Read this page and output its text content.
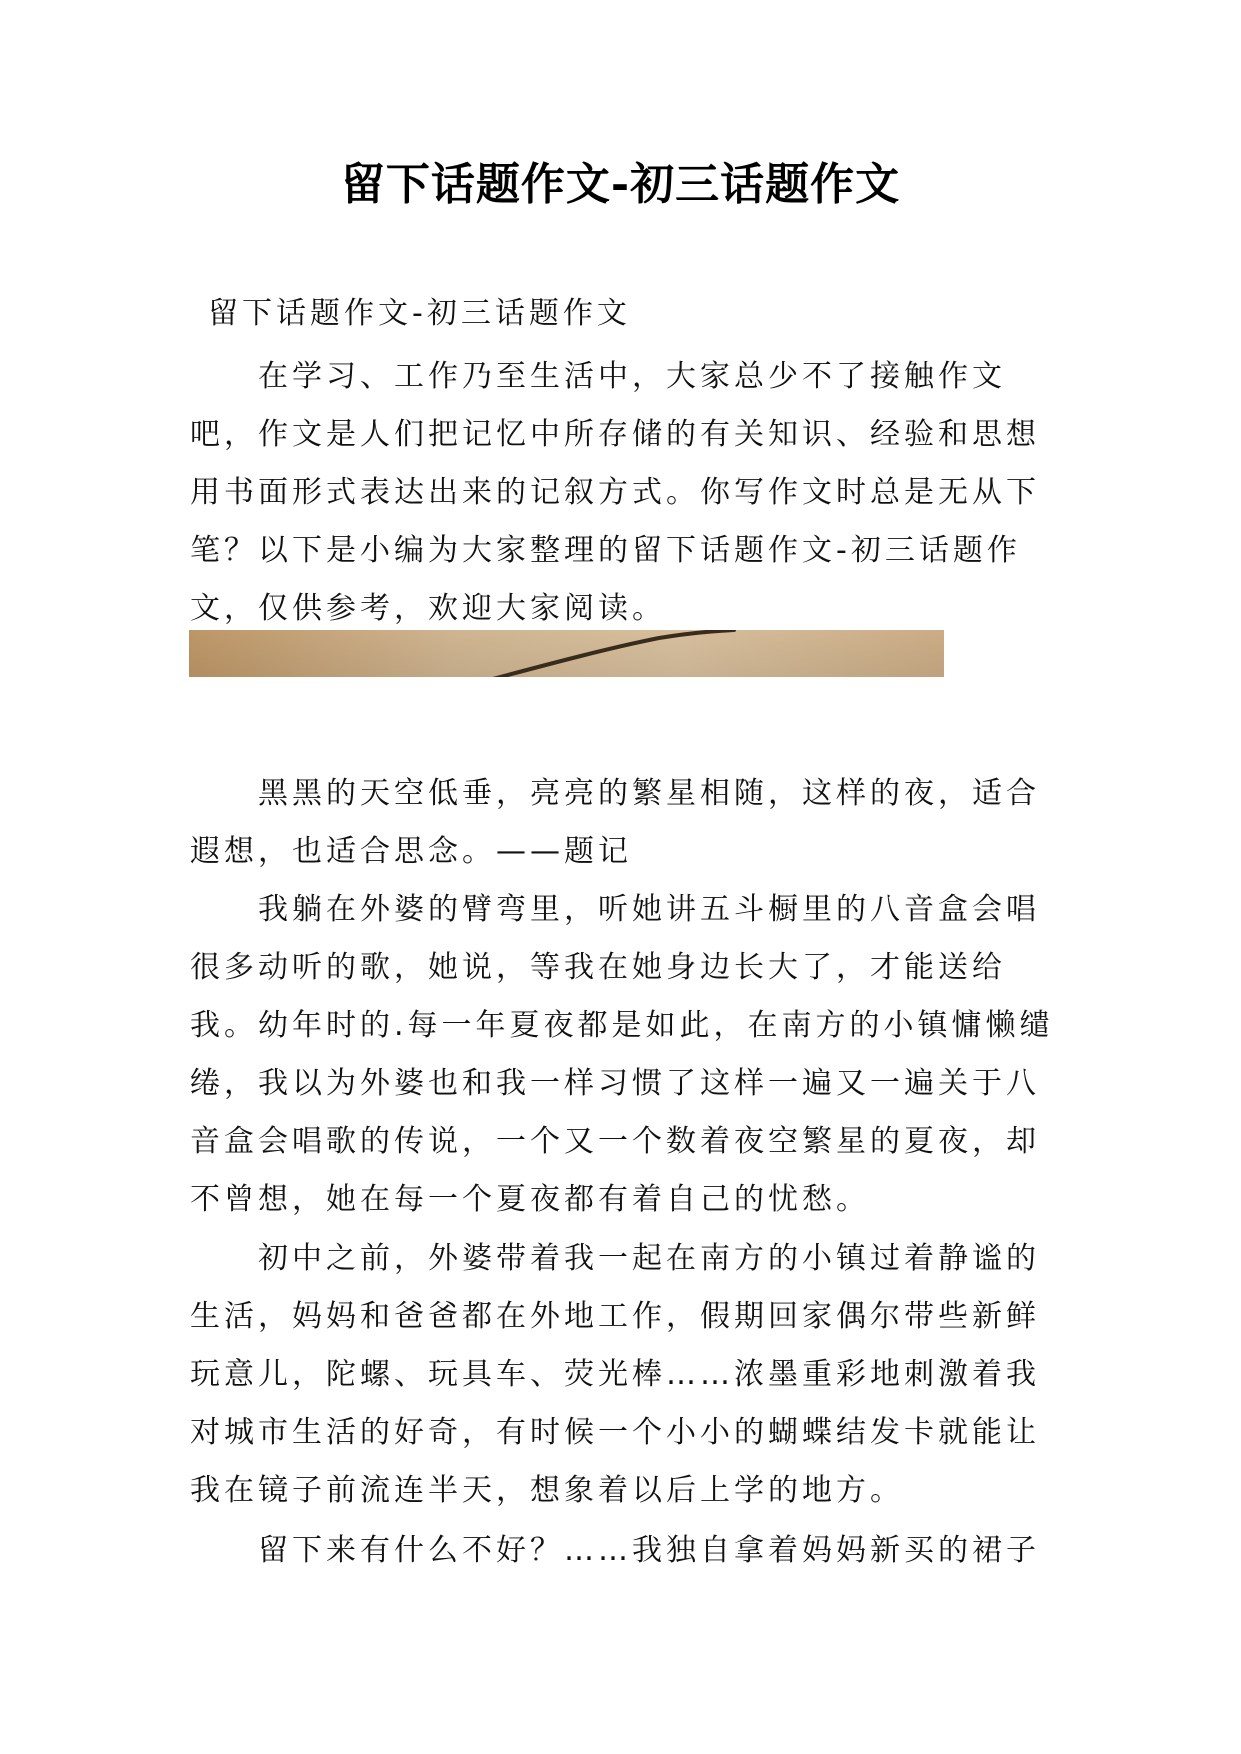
留下话题作文-初三话题作文

留下话题作文-初三话题作文

在学习、工作乃至生活中，大家总少不了接触作文吧，作文是人们把记忆中所存储的有关知识、经验和思想用书面形式表达出来的记叙方式。你写作文时总是无从下笔？以下是小编为大家整理的留下话题作文-初三话题作文，仅供参考，欢迎大家阅读。

黑黑的天空低垂，亮亮的繁星相随，这样的夜，适合遐想，也适合思念。——题记

我躺在外婆的臂弯里，听她讲五斗橱里的八音盒会唱很多动听的歌，她说，等我在她身边长大了，才能送给我。 幼年时的.每一年夏夜都是如此，在南方的小镇慵懒缱绻，我以为外婆也和我一样习惯了这样一遍又一遍关于八音盒会唱歌的传说，一个又一个数着夜空繁星的夏夜，却不曾想，她在每一个夏夜都有着自己的忧愁。

初中之前，外婆带着我一起在南方的小镇过着静谧的生活，妈妈和爸爸都在外地工作，假期回家偶尔带些新鲜玩意儿，陀螺、玩具车、荧光棒……浓墨重彩地刺激着我对城市生活的好奇，有时候一个小小的蝴蝶结发卡就能让我在镜子前流连半天，想象着以后上学的地方。

留下来有什么不好？……我独自拿着妈妈新买的裙子
